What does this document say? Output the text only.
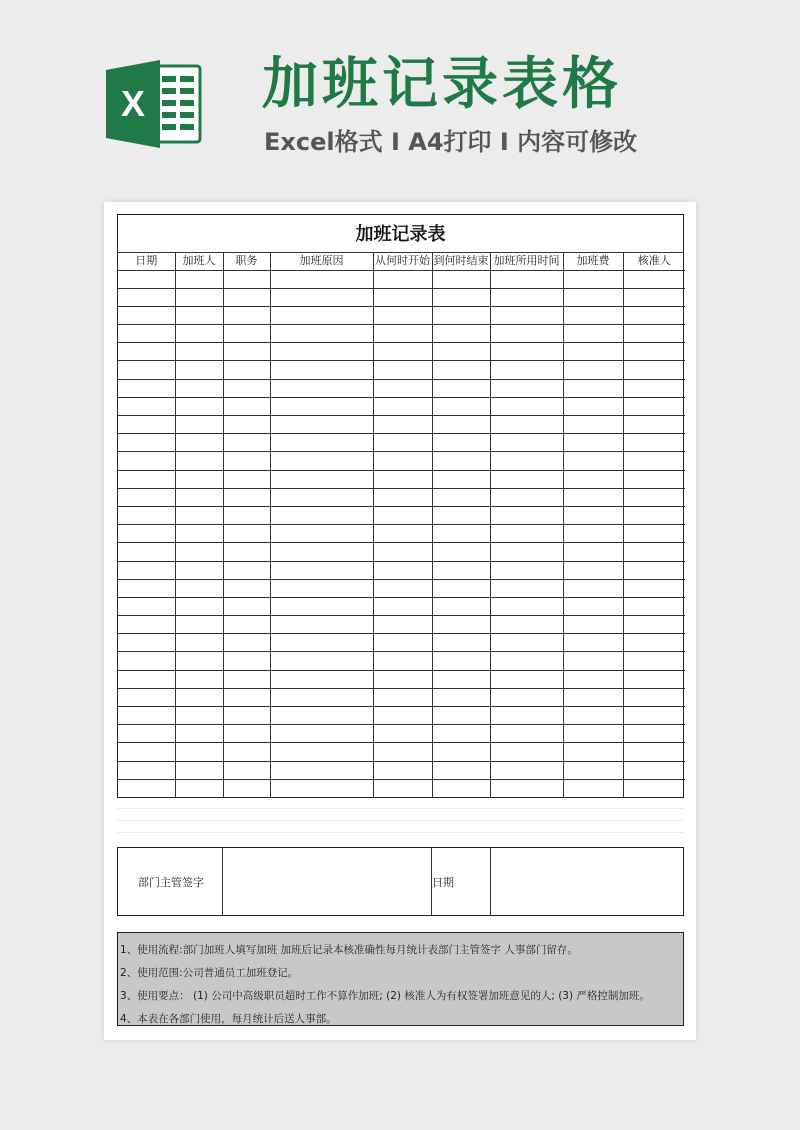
X 加班记录表格
Excel格式 I A4打印 I 内容可修改
加班记录表
日期	加班人	职务	加班原因	从何时开始	到何时结束	加班所用时间	加班费	核准人

部门主管签字	日期
1、使用流程:部门加班人填写加班 加班后记录本核准确性每月统计表部门主管签字 人事部门留存。
2、使用范围:公司普通员工加班登记。
3、使用要点： (1) 公司中高级职员超时工作不算作加班; (2) 核准人为有权签署加班意见的人; (3) 严格控制加班。
4、本表在各部门使用，每月统计后送人事部。
